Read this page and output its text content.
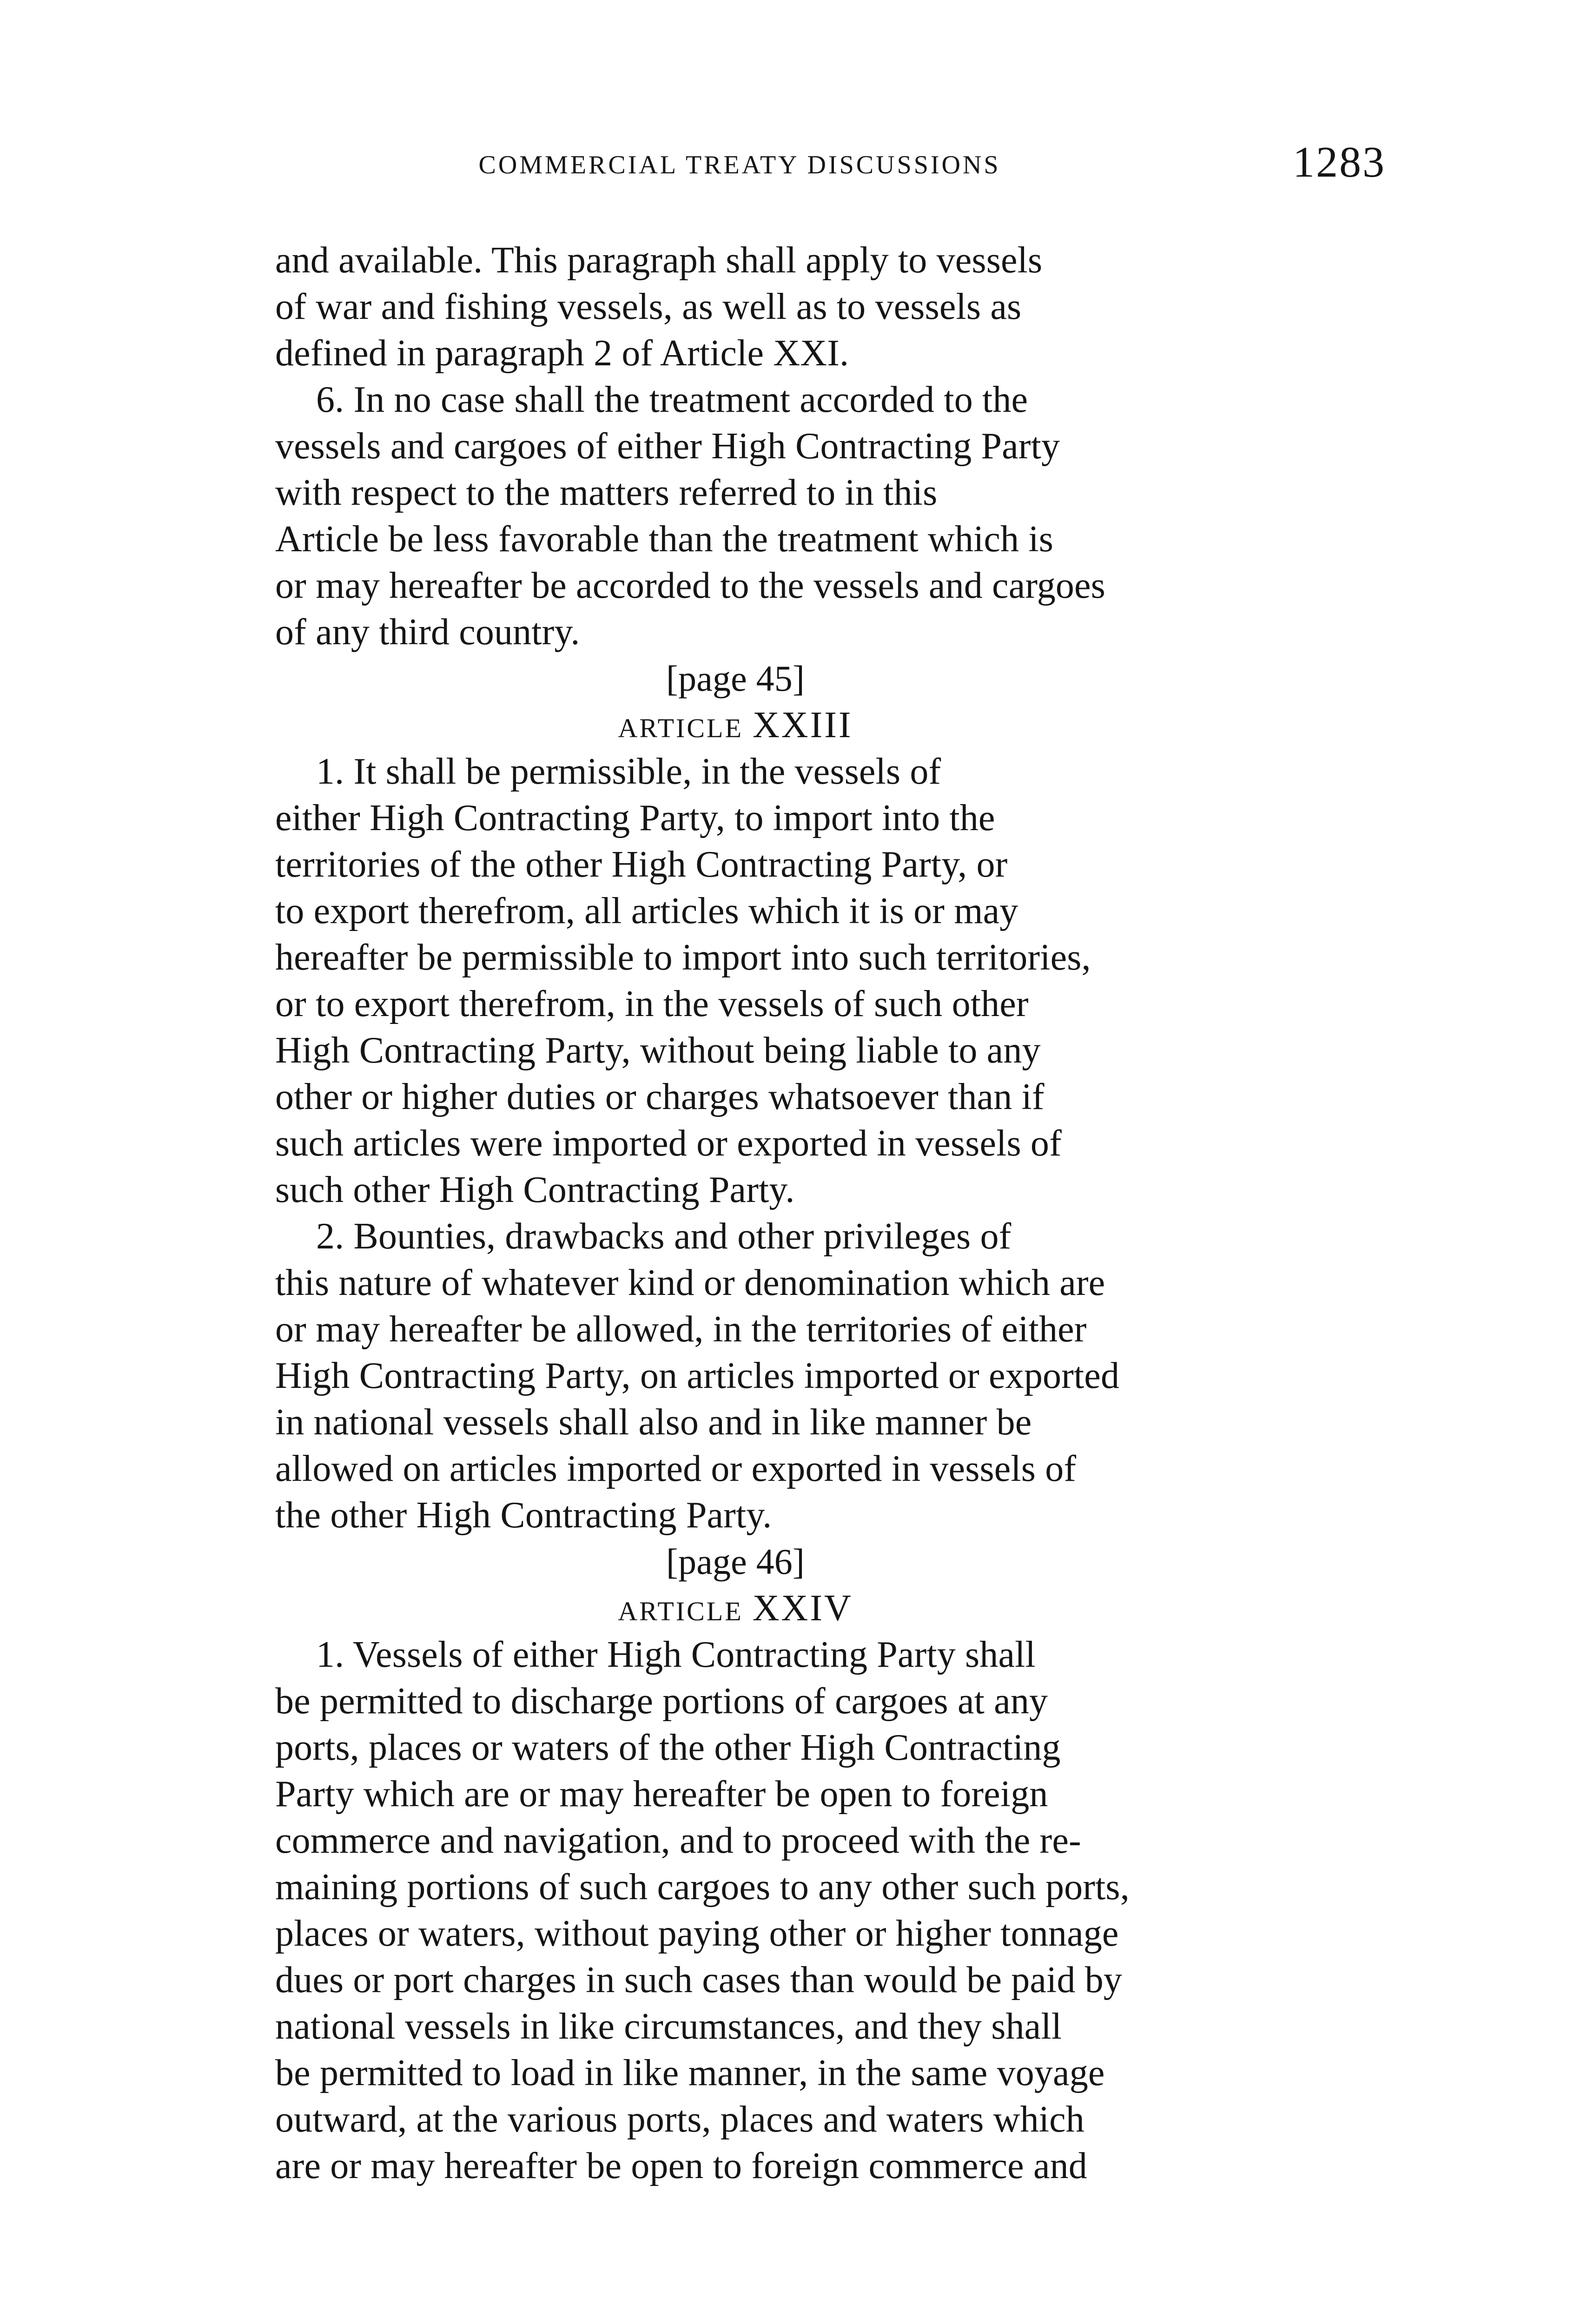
COMMERCIAL TREATY DISCUSSIONS	1283
and available. This paragraph shall apply to vessels
of war and fishing vessels, as well as to vessels as
defined in paragraph 2 of Article XXI.
6. In no case shall the treatment accorded to the
vessels and cargoes of either High Contracting Party
with respect to the matters referred to in this
Article be less favorable than the treatment which is
or may hereafter be accorded to the vessels and cargoes
of any third country.
[page 45]
ARTICLE XXIII
1. It shall be permissible, in the vessels of
either High Contracting Party, to import into the
territories of the other High Contracting Party, or
to export therefrom, all articles which it is or may
hereafter be permissible to import into such territories,
or to export therefrom, in the vessels of such other
High Contracting Party, without being liable to any
other or higher duties or charges whatsoever than if
such articles were imported or exported in vessels of
such other High Contracting Party.
2. Bounties, drawbacks and other privileges of
this nature of whatever kind or denomination which are
or may hereafter be allowed, in the territories of either
High Contracting Party, on articles imported or exported
in national vessels shall also and in like manner be
allowed on articles imported or exported in vessels of
the other High Contracting Party.
[page 46]
ARTICLE XXIV
1. Vessels of either High Contracting Party shall
be permitted to discharge portions of cargoes at any
ports, places or waters of the other High Contracting
Party which are or may hereafter be open to foreign
commerce and navigation, and to proceed with the re-
maining portions of such cargoes to any other such ports,
places or waters, without paying other or higher tonnage
dues or port charges in such cases than would be paid by
national vessels in like circumstances, and they shall
be permitted to load in like manner, in the same voyage
outward, at the various ports, places and waters which
are or may hereafter be open to foreign commerce and
